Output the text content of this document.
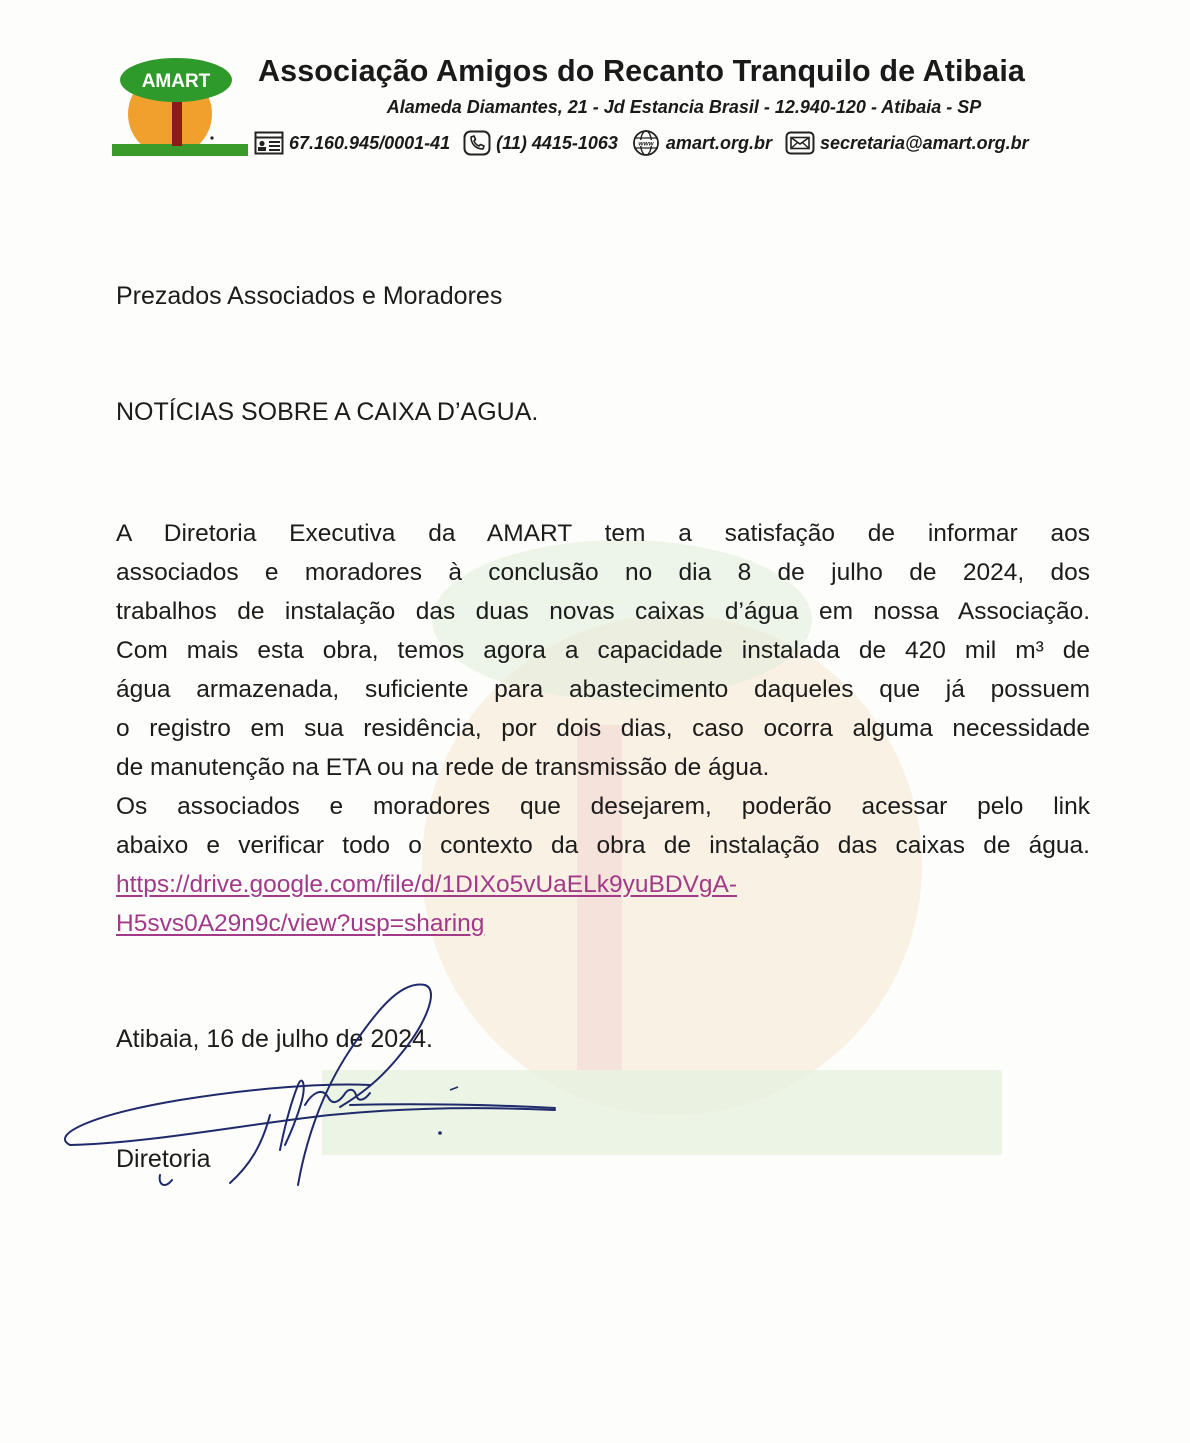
AMART Associação Amigos do Recanto Tranquilo de Atibaia
Alameda Diamantes, 21 - Jd Estancia Brasil - 12.940-120 - Atibaia - SP
67.160.945/0001-41	(11) 4415-1063	www amart.org.br	secretaria@amart.org.br
Prezados Associados e Moradores
NOTÍCIAS SOBRE A CAIXA D’AGUA.
A Diretoria Executiva da AMART tem a satisfação de informar aos
associados e moradores à conclusão no dia 8 de julho de 2024, dos
trabalhos de instalação das duas novas caixas d’água em nossa Associação.
Com mais esta obra, temos agora a capacidade instalada de 420 mil m³ de
água armazenada, suficiente para abastecimento daqueles que já possuem
o registro em sua residência, por dois dias, caso ocorra alguma necessidade
de manutenção na ETA ou na rede de transmissão de água.
Os associados e moradores que desejarem, poderão acessar pelo link
abaixo e verificar todo o contexto da obra de instalação das caixas de água.
https://drive.google.com/file/d/1DIXo5vUaELk9yuBDVgA-
H5svs0A29n9c/view?usp=sharing
Atibaia, 16 de julho de 2024.
Diretoria
